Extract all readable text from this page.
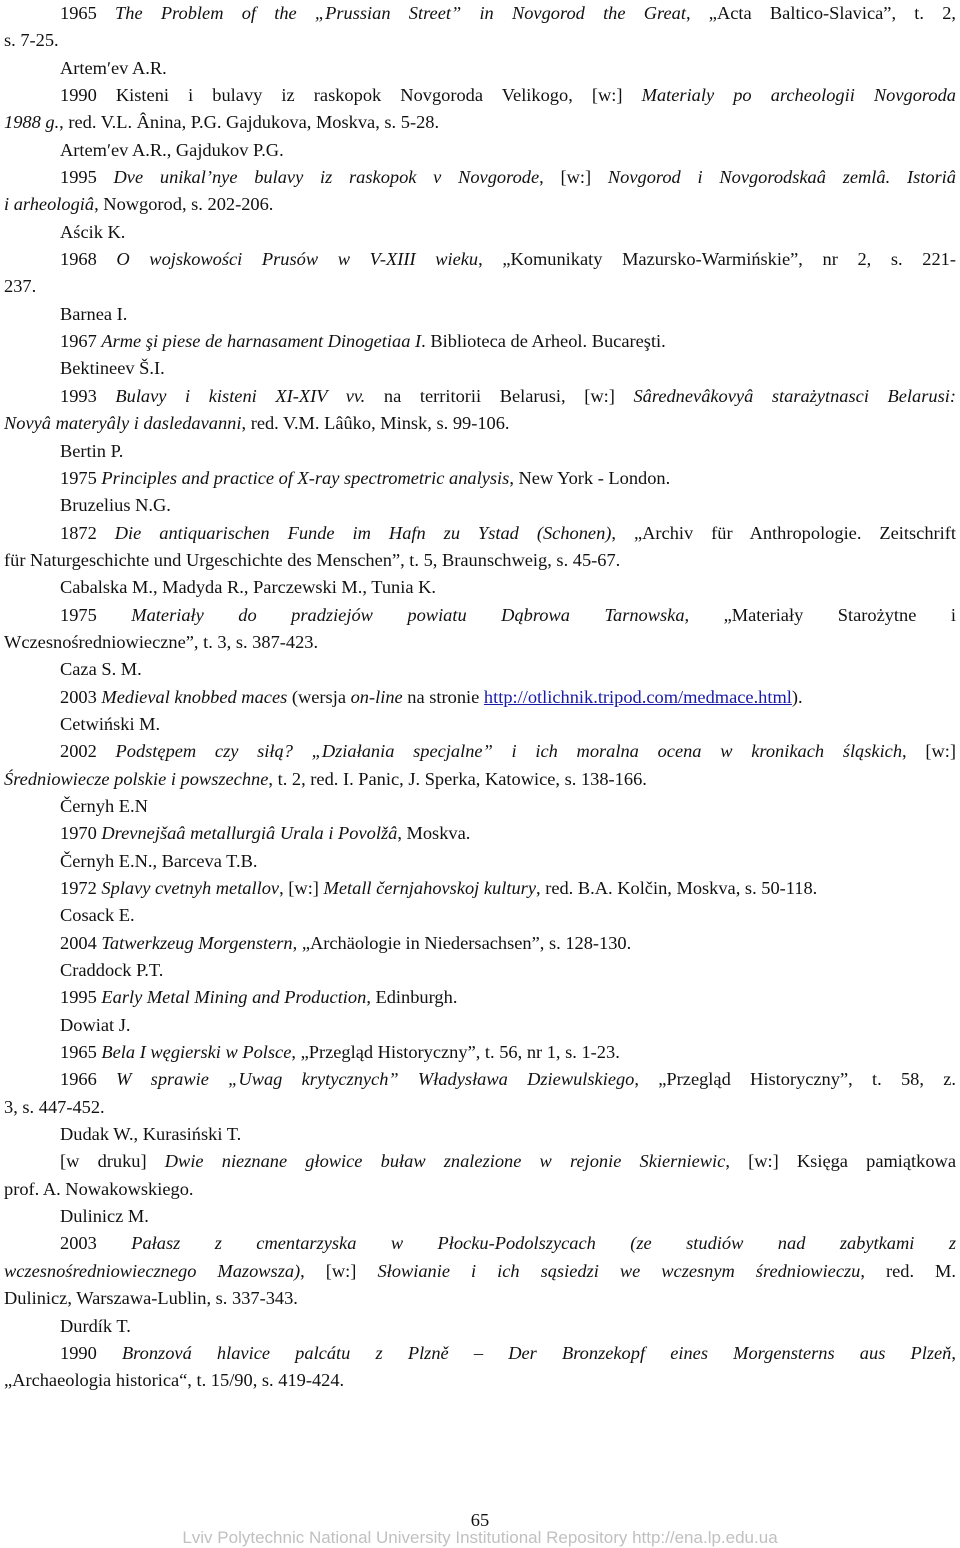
1965 The Problem of the „Prussian Street” in Novgorod the Great, „Acta Baltico-Slavica”, t. 2,
s. 7-25.
Artemʹev A.R.
1990 Kisteni i bulavy iz raskopok Novgoroda Velikogo, [w:] Materialy po archeologii Novgoroda
1988 g., red. V.L. Ânina, P.G. Gajdukova, Moskva, s. 5-28.
Artemʹev A.R., Gajdukov P.G.
1995 Dve unikal’nye bulavy iz raskopok v Novgorode, [w:] Novgorod i Novgorodskaâ zemlâ. Istoriâ
i arheologiâ, Nowgorod, s. 202-206.
Aścik K.
1968 O wojskowości Prusów w V-XIII wieku, „Komunikaty Mazursko-Warmińskie”, nr 2, s. 221-
237.
Barnea I.
1967 Arme şi piese de harnasament Dinogetiaa I. Biblioteca de Arheol. Bucareşti.
Bektineev Š.I.
1993 Bulavy i kisteni XI-XIV vv. na territorii Belarusi, [w:] Sârednevâkovyâ starażytnasci Belarusi:
Novyâ materyâly i dasledavanni, red. V.M. Lâûko, Minsk, s. 99-106.
Bertin P.
1975 Principles and practice of X-ray spectrometric analysis, New York - London.
Bruzelius N.G.
1872 Die antiquarischen Funde im Hafn zu Ystad (Schonen), „Archiv für Anthropologie. Zeitschrift
für Naturgeschichte und Urgeschichte des Menschen”, t. 5, Braunschweig, s. 45-67.
Cabalska M., Madyda R., Parczewski M., Tunia K.
1975 Materiały do pradziejów powiatu Dąbrowa Tarnowska, „Materiały Starożytne i
Wczesnośredniowieczne”, t. 3, s. 387-423.
Caza S. M.
2003 Medieval knobbed maces (wersja on-line na stronie http://otlichnik.tripod.com/medmace.html).
Cetwiński M.
2002 Podstępem czy siłą? „Działania specjalne” i ich moralna ocena w kronikach śląskich, [w:]
Średniowiecze polskie i powszechne, t. 2, red. I. Panic, J. Sperka, Katowice, s. 138-166.
Černyh E.N
1970 Drevnejšaâ metallurgiâ Urala i Povolžâ, Moskva.
Černyh E.N., Barceva T.B.
1972 Splavy cvetnyh metallov, [w:] Metall černjahovskoj kultury, red. B.A. Kolčin, Moskva, s. 50-118.
Cosack E.
2004 Tatwerkzeug Morgenstern, „Archäologie in Niedersachsen”, s. 128-130.
Craddock P.T.
1995 Early Metal Mining and Production, Edinburgh.
Dowiat J.
1965 Bela I węgierski w Polsce, „Przegląd Historyczny”, t. 56, nr 1, s. 1-23.
1966 W sprawie „Uwag krytycznych” Władysława Dziewulskiego, „Przegląd Historyczny”, t. 58, z.
3, s. 447-452.
Dudak W., Kurasiński T.
[w druku] Dwie nieznane głowice buław znalezione w rejonie Skierniewic, [w:] Księga pamiątkowa
prof. A. Nowakowskiego.
Dulinicz M.
2003 Pałasz z cmentarzyska w Płocku-Podolszycach (ze studiów nad zabytkami z
wczesnośredniowiecznego Mazowsza), [w:] Słowianie i ich sąsiedzi we wczesnym średniowieczu, red. M.
Dulinicz, Warszawa-Lublin, s. 337-343.
Durdík T.
1990 Bronzová hlavice palcátu z Plzně – Der Bronzekopf eines Morgensterns aus Plzeň,
„Archaeologia historica“, t. 15/90, s. 419-424.
65
Lviv Polytechnic National University Institutional Repository http://ena.lp.edu.ua
